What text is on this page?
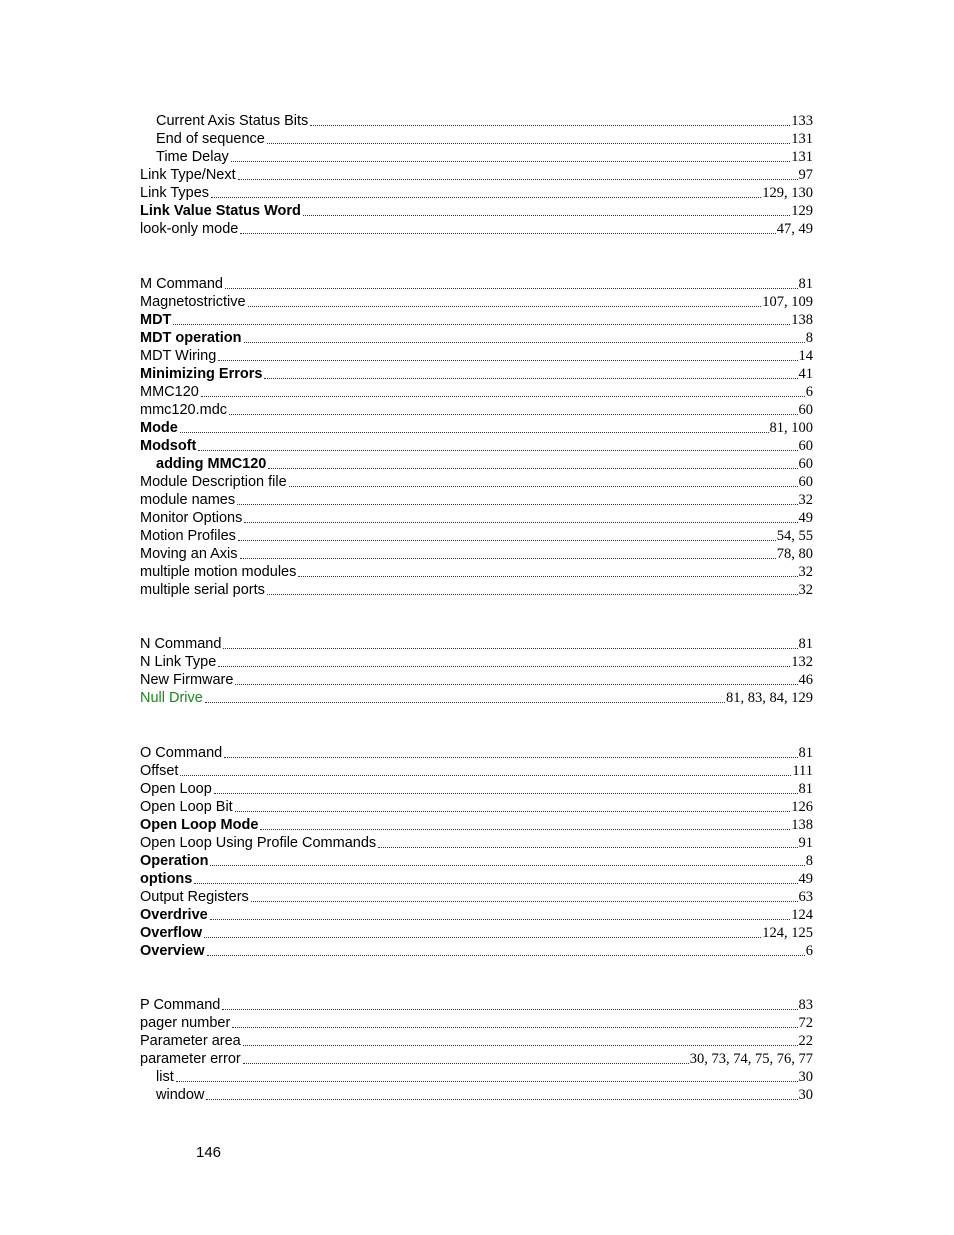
Current Axis Status Bits	133
End of sequence	131
Time Delay	131
Link Type/Next	97
Link Types	129, 130
Link Value Status Word	129
look-only mode	47, 49
M Command	81
Magnetostrictive	107, 109
MDT	138
MDT operation	8
MDT Wiring	14
Minimizing Errors	41
MMC120	6
mmc120.mdc	60
Mode	81, 100
Modsoft	60
adding MMC120	60
Module Description file	60
module names	32
Monitor Options	49
Motion Profiles	54, 55
Moving an Axis	78, 80
multiple motion modules	32
multiple serial ports	32
N Command	81
N Link Type	132
New Firmware	46
Null Drive	81, 83, 84, 129
O Command	81
Offset	111
Open Loop	81
Open Loop Bit	126
Open Loop Mode	138
Open Loop Using Profile Commands	91
Operation	8
options	49
Output Registers	63
Overdrive	124
Overflow	124, 125
Overview	6
P Command	83
pager number	72
Parameter area	22
parameter error	30, 73, 74, 75, 76, 77
list	30
window	30
146
